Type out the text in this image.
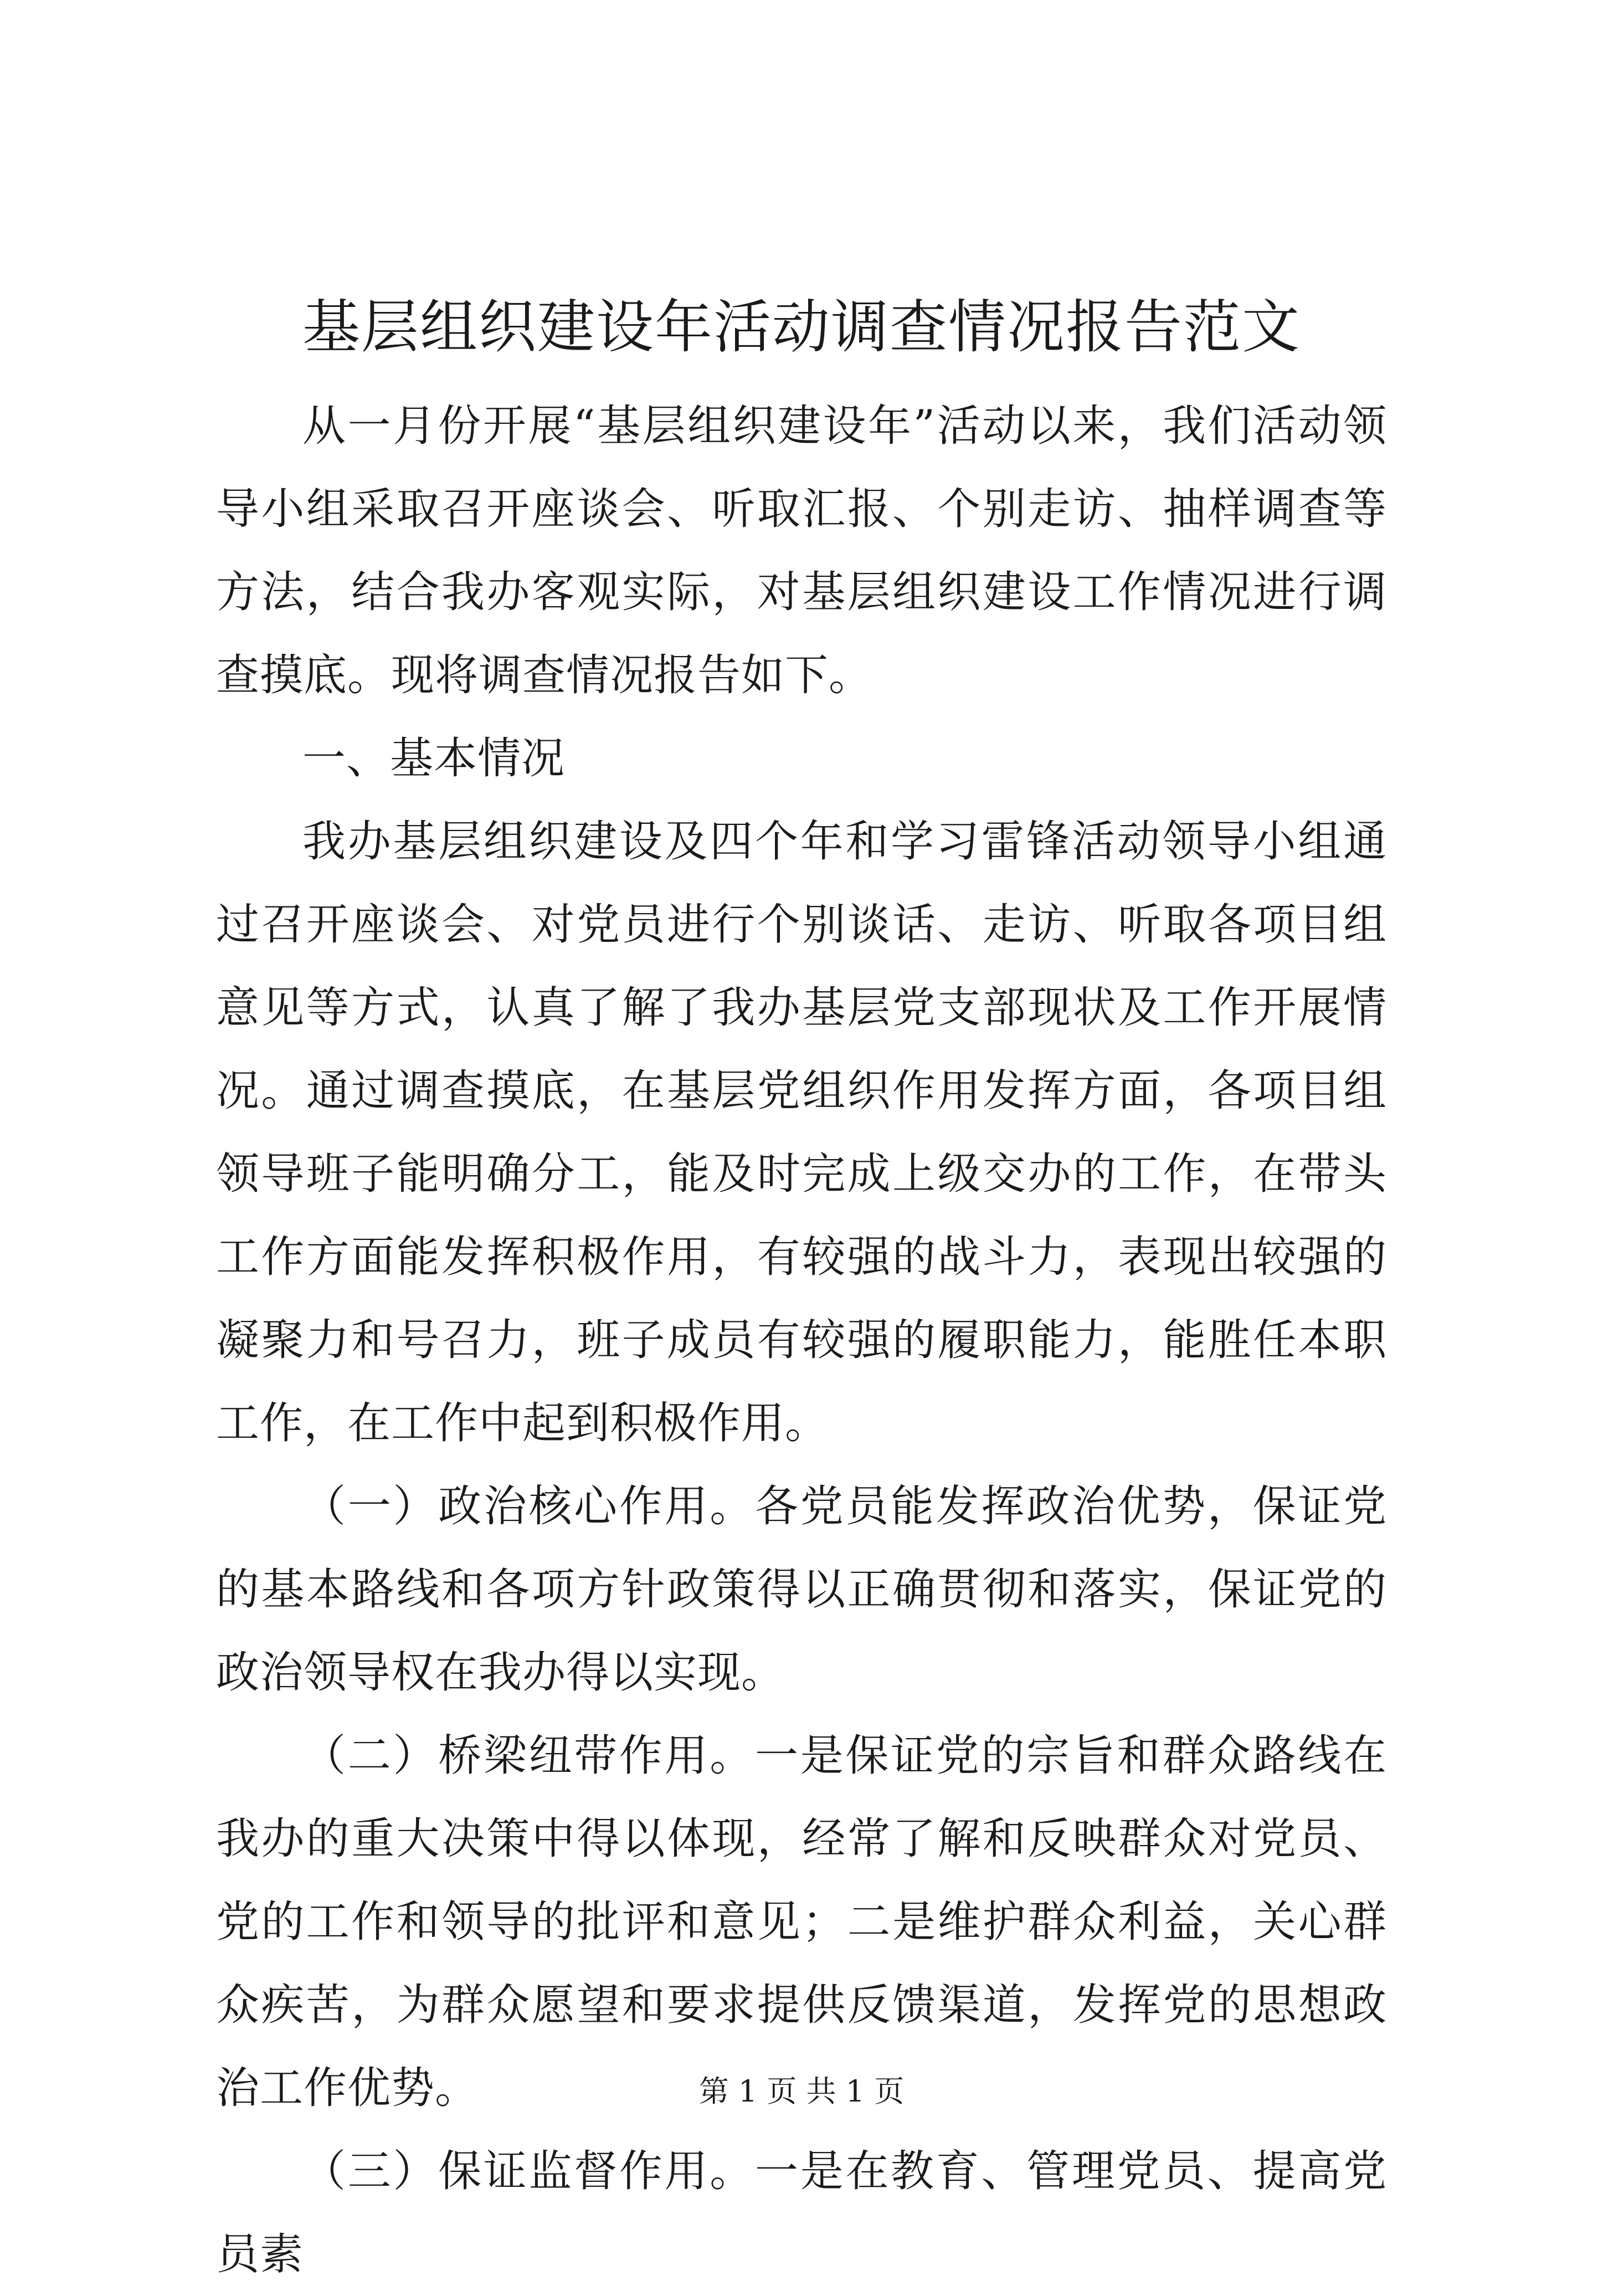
基层组织建设年活动调查情况报告范文

从一月份开展“基层组织建设年”活动以来，我们活动领导小组采取召开座谈会、听取汇报、个别走访、抽样调查等方法，结合我办客观实际，对基层组织建设工作情况进行调查摸底。现将调查情况报告如下。

一、基本情况

我办基层组织建设及四个年和学习雷锋活动领导小组通过召开座谈会、对党员进行个别谈话、走访、听取各项目组意见等方式，认真了解了我办基层党支部现状及工作开展情况。通过调查摸底，在基层党组织作用发挥方面，各项目组领导班子能明确分工，能及时完成上级交办的工作，在带头工作方面能发挥积极作用，有较强的战斗力，表现出较强的凝聚力和号召力，班子成员有较强的履职能力，能胜任本职工作，在工作中起到积极作用。

（一）政治核心作用。各党员能发挥政治优势，保证党的基本路线和各项方针政策得以正确贯彻和落实，保证党的政治领导权在我办得以实现。

（二）桥梁纽带作用。一是保证党的宗旨和群众路线在我办的重大决策中得以体现，经常了解和反映群众对党员、党的工作和领导的批评和意见；二是维护群众利益，关心群众疾苦，为群众愿望和要求提供反馈渠道，发挥党的思想政治工作优势。

（三）保证监督作用。一是在教育、管理党员、提高党员素

第 1 页 共 1 页
